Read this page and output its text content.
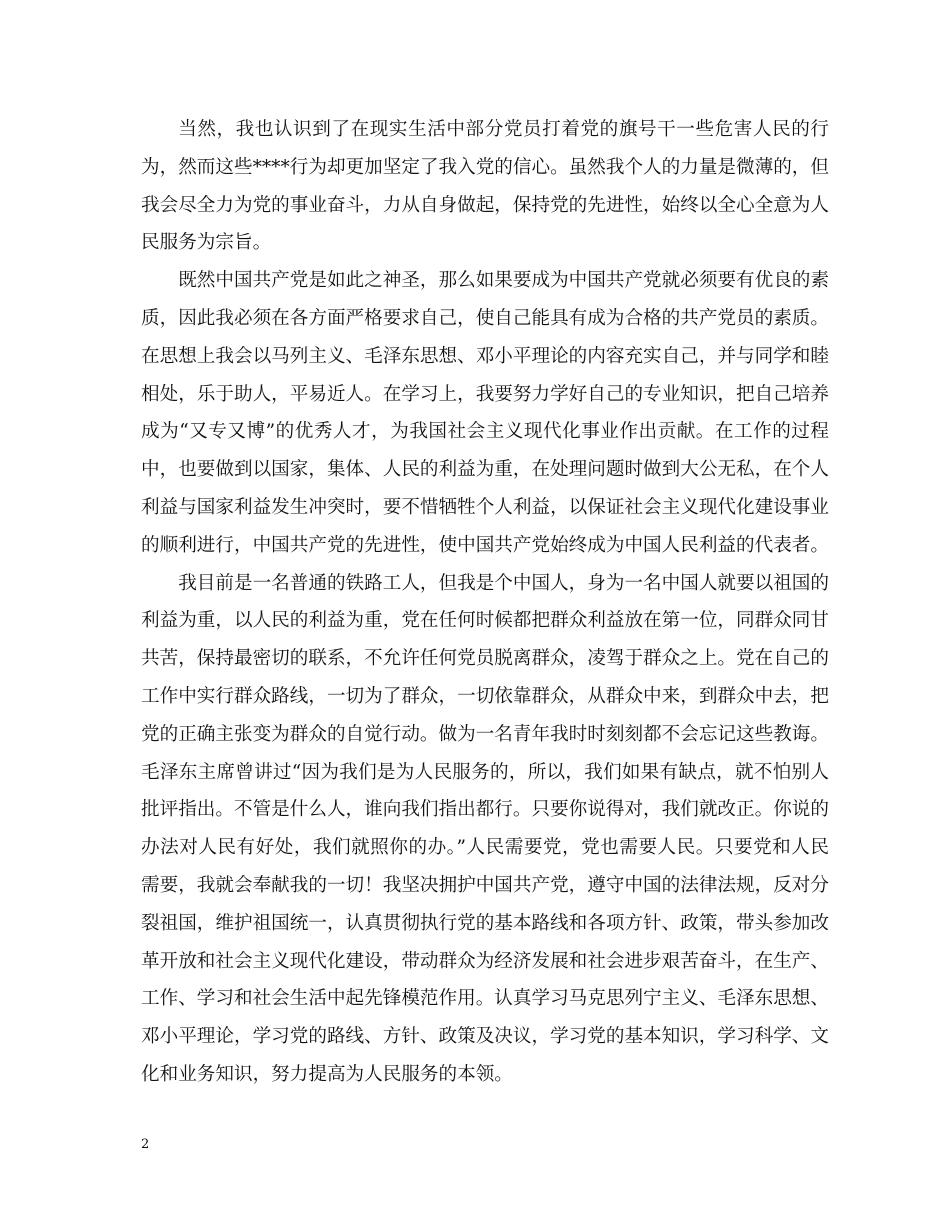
当然，我也认识到了在现实生活中部分党员打着党的旗号干一些危害人民的行为，然而这些****行为却更加坚定了我入党的信心。虽然我个人的力量是微薄的，但我会尽全力为党的事业奋斗，力从自身做起，保持党的先进性，始终以全心全意为人民服务为宗旨。

既然中国共产党是如此之神圣，那么如果要成为中国共产党就必须要有优良的素质，因此我必须在各方面严格要求自己，使自己能具有成为合格的共产党员的素质。在思想上我会以马列主义、毛泽东思想、邓小平理论的内容充实自己，并与同学和睦相处，乐于助人，平易近人。在学习上，我要努力学好自己的专业知识，把自己培养成为“又专又博”的优秀人才，为我国社会主义现代化事业作出贡献。在工作的过程中，也要做到以国家，集体、人民的利益为重，在处理问题时做到大公无私，在个人利益与国家利益发生冲突时，要不惜牺牲个人利益，以保证社会主义现代化建设事业的顺利进行，中国共产党的先进性，使中国共产党始终成为中国人民利益的代表者。

我目前是一名普通的铁路工人，但我是个中国人，身为一名中国人就要以祖国的利益为重，以人民的利益为重，党在任何时候都把群众利益放在第一位，同群众同甘共苦，保持最密切的联系，不允许任何党员脱离群众，凌驾于群众之上。党在自己的工作中实行群众路线，一切为了群众，一切依靠群众，从群众中来，到群众中去，把党的正确主张变为群众的自觉行动。做为一名青年我时时刻刻都不会忘记这些教诲。毛泽东主席曾讲过“因为我们是为人民服务的，所以，我们如果有缺点，就不怕别人批评指出。不管是什么人，谁向我们指出都行。只要你说得对，我们就改正。你说的办法对人民有好处，我们就照你的办。”人民需要党，党也需要人民。只要党和人民需要，我就会奉献我的一切！我坚决拥护中国共产党，遵守中国的法律法规，反对分裂祖国，维护祖国统一，认真贯彻执行党的基本路线和各项方针、政策，带头参加改革开放和社会主义现代化建设，带动群众为经济发展和社会进步艰苦奋斗，在生产、工作、学习和社会生活中起先锋模范作用。认真学习马克思列宁主义、毛泽东思想、邓小平理论，学习党的路线、方针、政策及决议，学习党的基本知识，学习科学、文化和业务知识，努力提高为人民服务的本领。

2
